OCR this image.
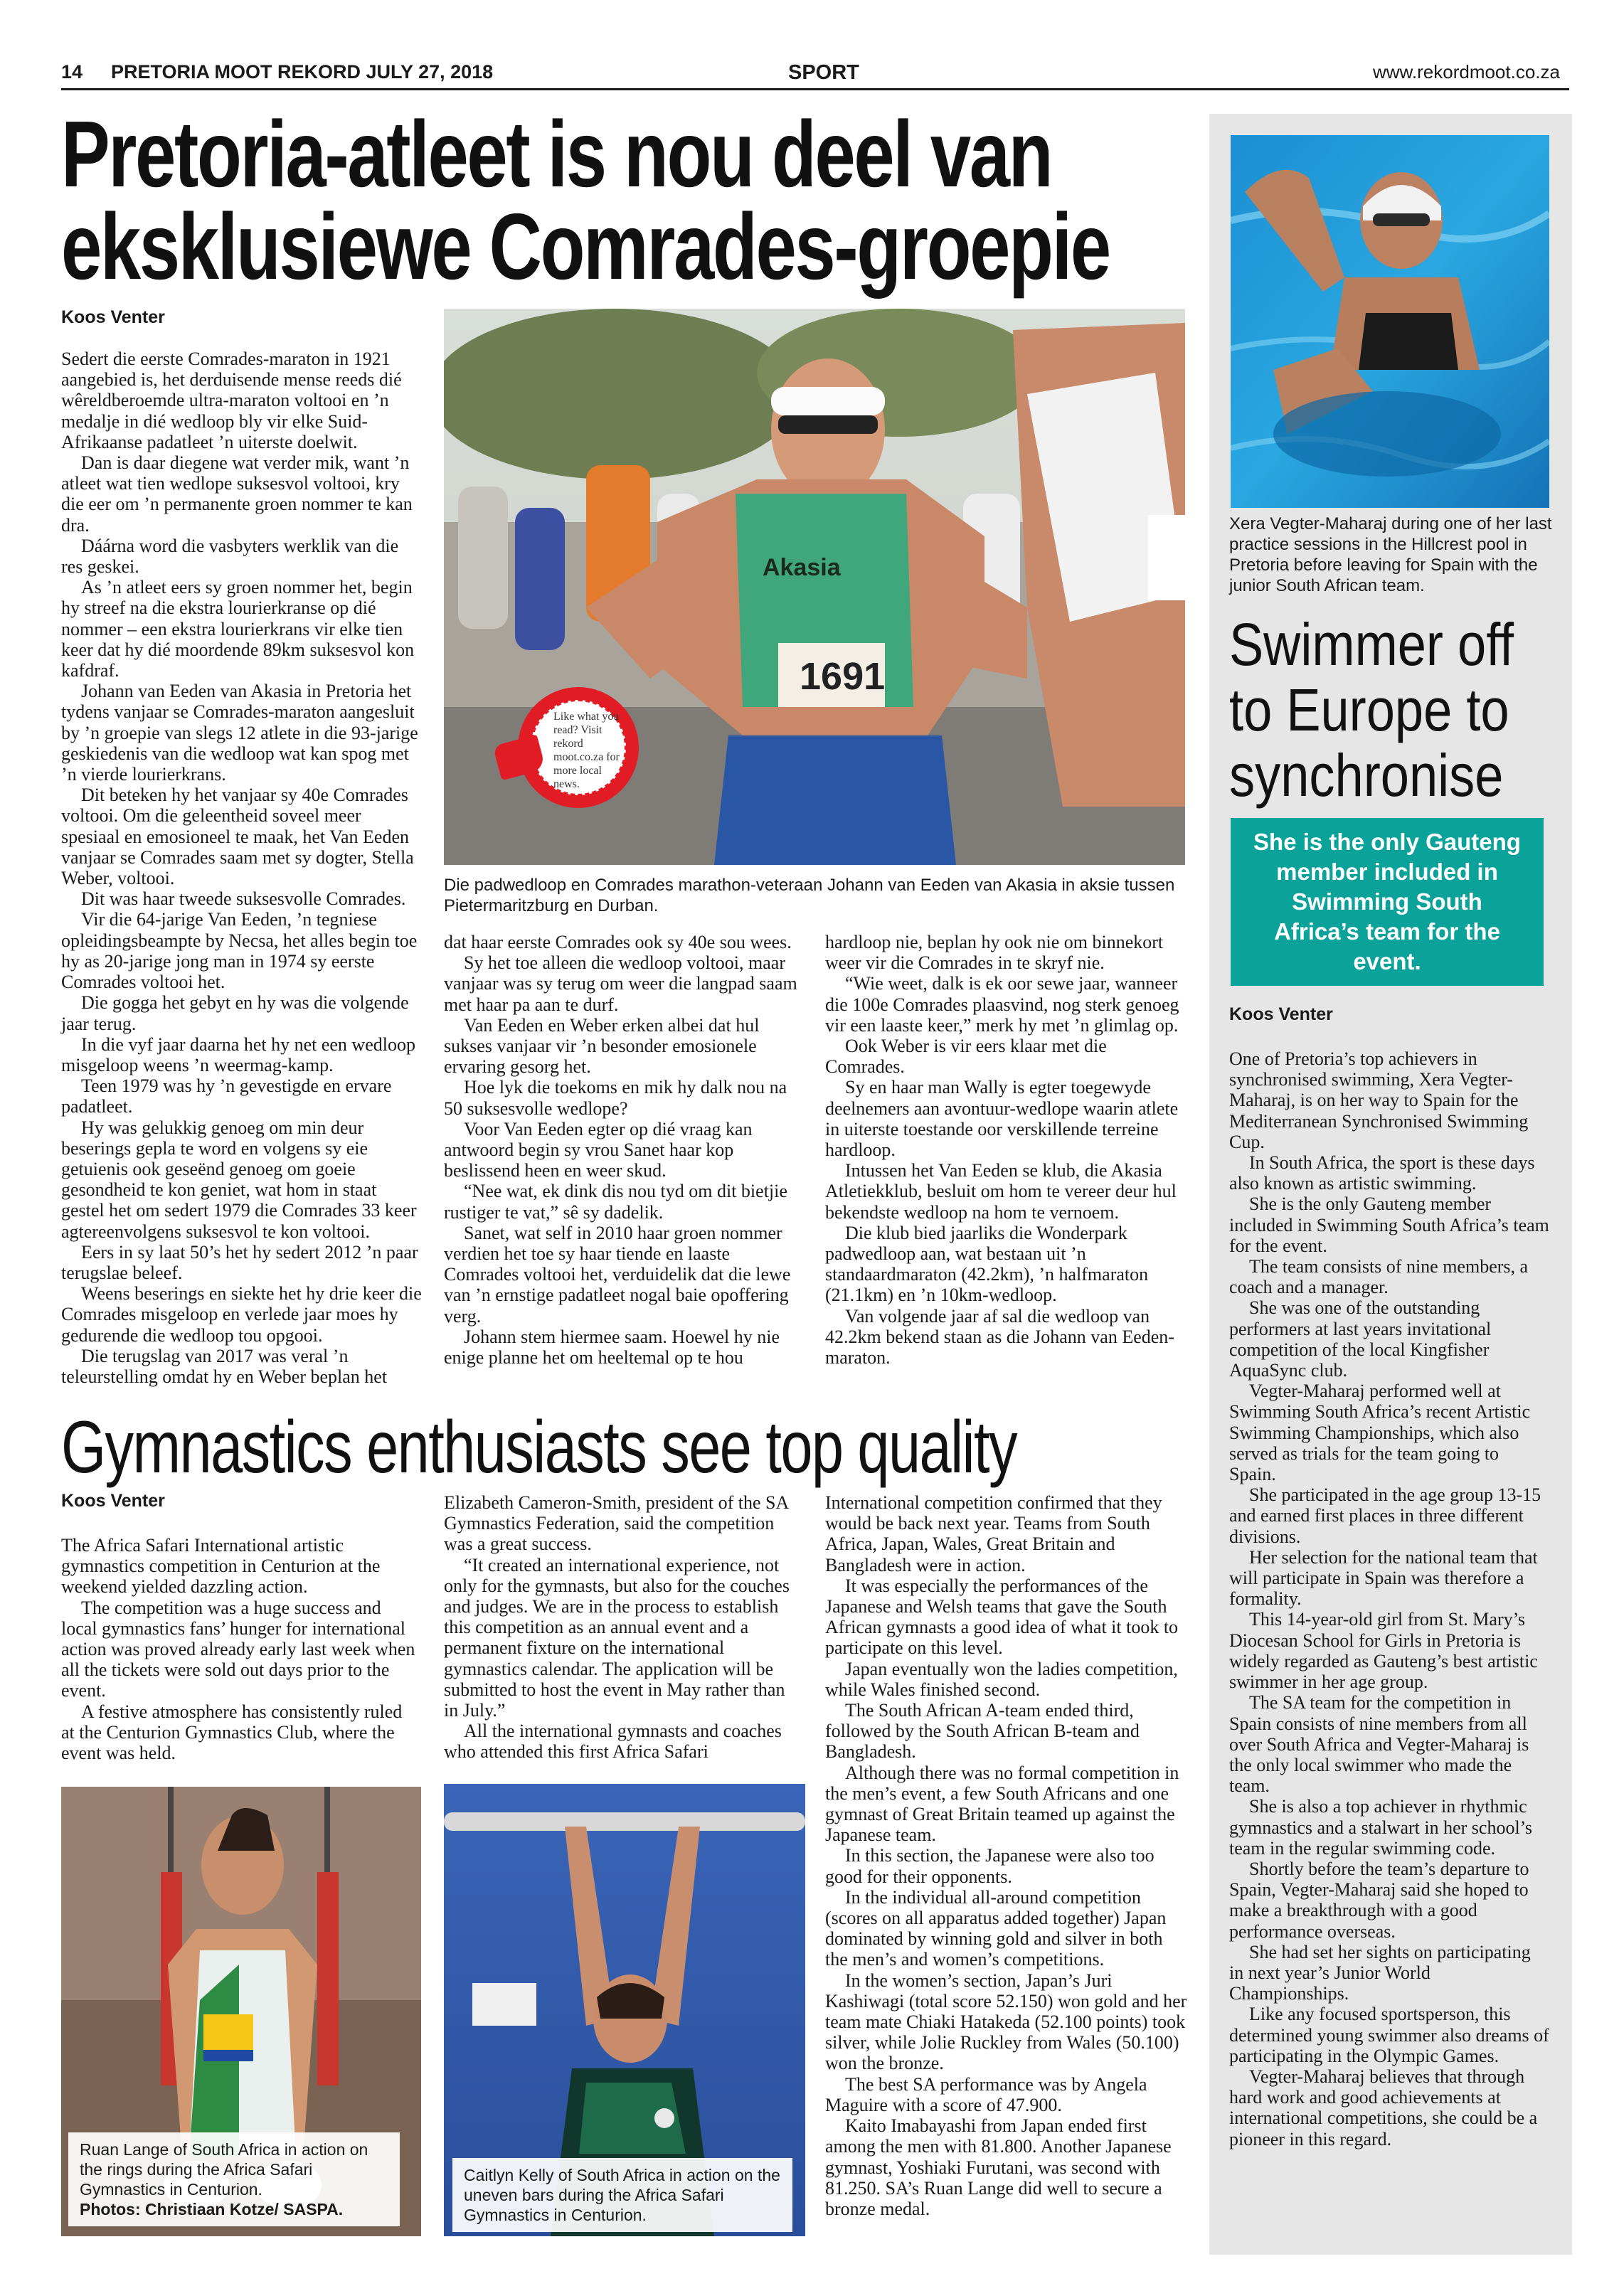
14 PRETORIA MOOT REKORD JULY 27, 2018	SPORT	www.rekordmoot.co.za
Pretoria-atleet is nou deel van
eksklusiewe Comrades-groepie
Koos Venter

Sedert die eerste Comrades-maraton in 1921 aangebied is, het derduisende mense reeds dié wêreldberoemde ultra-maraton voltooi en ’n medalje in dié wedloop bly vir elke Suid-Afrikaanse padatleet ’n uiterste doelwit.

Dan is daar diegene wat verder mik, want ’n atleet wat tien wedlope suksesvol voltooi, kry die eer om ’n permanente groen nommer te kan dra.

Dáárna word die vasbyters werklik van die res geskei.

As ’n atleet eers sy groen nommer het, begin hy streef na die ekstra lourierkranse op dié nommer – een ekstra lourierkrans vir elke tien keer dat hy dié moordende 89km suksesvol kon kafdraf.

Johann van Eeden van Akasia in Pretoria het tydens vanjaar se Comrades-maraton aangesluit by ’n groepie van slegs 12 atlete in die 93-jarige geskiedenis van die wedloop wat kan spog met ’n vierde lourierkrans.

Dit beteken hy het vanjaar sy 40e Comrades voltooi. Om die geleentheid soveel meer spesiaal en emosioneel te maak, het Van Eeden vanjaar se Comrades saam met sy dogter, Stella Weber, voltooi.

Dit was haar tweede suksesvolle Comrades.

Vir die 64-jarige Van Eeden, ’n tegniese opleidingsbeampte by Necsa, het alles begin toe hy as 20-jarige jong man in 1974 sy eerste Comrades voltooi het.

Die gogga het gebyt en hy was die volgende jaar terug.

In die vyf jaar daarna het hy net een wedloop misgeloop weens ’n weermag-kamp.

Teen 1979 was hy ’n gevestigde en ervare padatleet.

Hy was gelukkig genoeg om min deur beserings gepla te word en volgens sy eie getuienis ook geseënd genoeg om goeie gesondheid te kon geniet, wat hom in staat gestel het om sedert 1979 die Comrades 33 keer agtereenvolgens suksesvol te kon voltooi.

Eers in sy laat 50’s het hy sedert 2012 ’n paar terugslae beleef.

Weens beserings en siekte het hy drie keer die Comrades misgeloop en verlede jaar moes hy gedurende die wedloop tou opgooi.

Die terugslag van 2017 was veral ’n teleurstelling omdat hy en Weber beplan het

1691
Akasia
Like what you read? Visit rekord moot.co.za for more local news.
Die padwedloop en Comrades marathon-veteraan Johann van Eeden van Akasia in aksie tussen Pietermaritzburg en Durban.

dat haar eerste Comrades ook sy 40e sou wees.

Sy het toe alleen die wedloop voltooi, maar vanjaar was sy terug om weer die langpad saam met haar pa aan te durf.

Van Eeden en Weber erken albei dat hul sukses vanjaar vir ’n besonder emosionele ervaring gesorg het.

Hoe lyk die toekoms en mik hy dalk nou na 50 suksesvolle wedlope?

Voor Van Eeden egter op dié vraag kan antwoord begin sy vrou Sanet haar kop beslissend heen en weer skud.

“Nee wat, ek dink dis nou tyd om dit bietjie rustiger te vat,” sê sy dadelik.

Sanet, wat self in 2010 haar groen nommer verdien het toe sy haar tiende en laaste Comrades voltooi het, verduidelik dat die lewe van ’n ernstige padatleet nogal baie opoffering verg.

Johann stem hiermee saam. Hoewel hy nie enige planne het om heeltemal op te hou

hardloop nie, beplan hy ook nie om binnekort weer vir die Comrades in te skryf nie.

“Wie weet, dalk is ek oor sewe jaar, wanneer die 100e Comrades plaasvind, nog sterk genoeg vir een laaste keer,” merk hy met ’n glimlag op.

Ook Weber is vir eers klaar met die Comrades.

Sy en haar man Wally is egter toegewyde deelnemers aan avontuur-wedlope waarin atlete in uiterste toestande oor verskillende terreine hardloop.

Intussen het Van Eeden se klub, die Akasia Atletiekklub, besluit om hom te vereer deur hul bekendste wedloop na hom te vernoem.

Die klub bied jaarliks die Wonderpark padwedloop aan, wat bestaan uit ’n standaardmaraton (42.2km), ’n halfmaraton (21.1km) en ’n 10km-wedloop.

Van volgende jaar af sal die wedloop van 42.2km bekend staan as die Johann van Eeden-maraton.

Gymnastics enthusiasts see top quality
Koos Venter

The Africa Safari International artistic gymnastics competition in Centurion at the weekend yielded dazzling action.

The competition was a huge success and local gymnastics fans’ hunger for international action was proved already early last week when all the tickets were sold out days prior to the event.

A festive atmosphere has consistently ruled at the Centurion Gymnastics Club, where the event was held.

Elizabeth Cameron-Smith, president of the SA Gymnastics Federation, said the competition was a great success.

“It created an international experience, not only for the gymnasts, but also for the couches and judges. We are in the process to establish this competition as an annual event and a permanent fixture on the international gymnastics calendar. The application will be submitted to host the event in May rather than in July.”

All the international gymnasts and coaches who attended this first Africa Safari

International competition confirmed that they would be back next year. Teams from South Africa, Japan, Wales, Great Britain and Bangladesh were in action.

It was especially the performances of the Japanese and Welsh teams that gave the South African gymnasts a good idea of what it took to participate on this level.

Japan eventually won the ladies competition, while Wales finished second.

The South African A-team ended third, followed by the South African B-team and Bangladesh.

Although there was no formal competition in the men’s event, a few South Africans and one gymnast of Great Britain teamed up against the Japanese team.

In this section, the Japanese were also too good for their opponents.

In the individual all-around competition (scores on all apparatus added together) Japan dominated by winning gold and silver in both the men’s and women’s competitions.

In the women’s section, Japan’s Juri Kashiwagi (total score 52.150) won gold and her team mate Chiaki Hatakeda (52.100 points) took silver, while Jolie Ruckley from Wales (50.100) won the bronze.

The best SA performance was by Angela Maguire with a score of 47.900.

Kaito Imabayashi from Japan ended first among the men with 81.800. Another Japanese gymnast, Yoshiaki Furutani, was second with 81.250. SA’s Ruan Lange did well to secure a bronze medal.

Ruan Lange of South Africa in action on the rings during the Africa Safari Gymnastics in Centurion.
Photos: Christiaan Kotze/ SASPA.
Caitlyn Kelly of South Africa in action on the uneven bars during the Africa Safari Gymnastics in Centurion.
Xera Vegter-Maharaj during one of her last practice sessions in the Hillcrest pool in Pretoria before leaving for Spain with the junior South African team.
Swimmer off
to Europe to
synchronise
She is the only Gauteng member included in Swimming South Africa’s team for the event.
Koos Venter

One of Pretoria’s top achievers in synchronised swimming, Xera Vegter-Maharaj, is on her way to Spain for the Mediterranean Synchronised Swimming Cup.

In South Africa, the sport is these days also known as artistic swimming.

She is the only Gauteng member included in Swimming South Africa’s team for the event.

The team consists of nine members, a coach and a manager.

She was one of the outstanding performers at last years invitational competition of the local Kingfisher AquaSync club.

Vegter-Maharaj performed well at Swimming South Africa’s recent Artistic Swimming Championships, which also served as trials for the team going to Spain.

She participated in the age group 13-15 and earned first places in three different divisions.

Her selection for the national team that will participate in Spain was therefore a formality.

This 14-year-old girl from St. Mary’s Diocesan School for Girls in Pretoria is widely regarded as Gauteng’s best artistic swimmer in her age group.

The SA team for the competition in Spain consists of nine members from all over South Africa and Vegter-Maharaj is the only local swimmer who made the team.

She is also a top achiever in rhythmic gymnastics and a stalwart in her school’s team in the regular swimming code.

Shortly before the team’s departure to Spain, Vegter-Maharaj said she hoped to make a breakthrough with a good performance overseas.

She had set her sights on participating in next year’s Junior World Championships.

Like any focused sportsperson, this determined young swimmer also dreams of participating in the Olympic Games.

Vegter-Maharaj believes that through hard work and good achievements at international competitions, she could be a pioneer in this regard.
